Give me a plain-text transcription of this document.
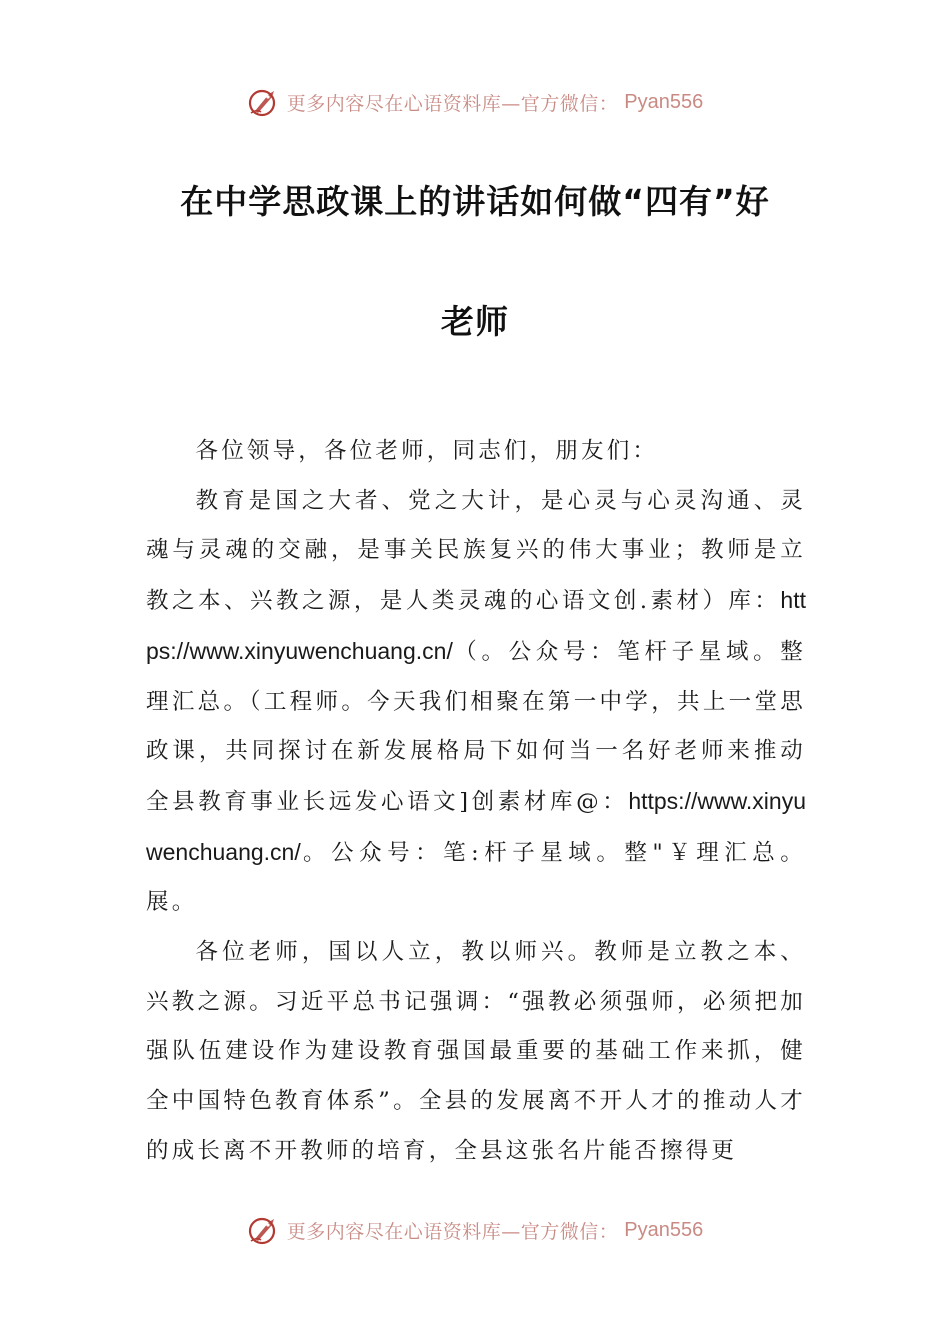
更多内容尽在心语资料库—官方微信： Pyan556
在中学思政课上的讲话如何做“四有”好
老师

各位领导，各位老师，同志们，朋友们：

教育是国之大者、党之大计，是心灵与心灵沟通、灵魂与灵魂的交融，是事关民族复兴的伟大事业；教师是立教之本、兴教之源，是人类灵魂的心语文创.素材）库：https://www.xinyuwenchuang.cn/（。公众号：笔杆子星域。整理汇总。（工程师。今天我们相聚在第一中学，共上一堂思政课，共同探讨在新发展格局下如何当一名好老师来推动全县教育事业长远发心语文]创素材库@：https://www.xinyuwenchuang.cn/。公众号：笔:杆子星域。整"￥理汇总。展。

各位老师，国以人立，教以师兴。教师是立教之本、兴教之源。习近平总书记强调：“强教必须强师，必须把加强队伍建设作为建设教育强国最重要的基础工作来抓，健全中国特色教育体系”。全县的发展离不开人才的推动人才的成长离不开教师的培育，全县这张名片能否擦得更

更多内容尽在心语资料库—官方微信： Pyan556
